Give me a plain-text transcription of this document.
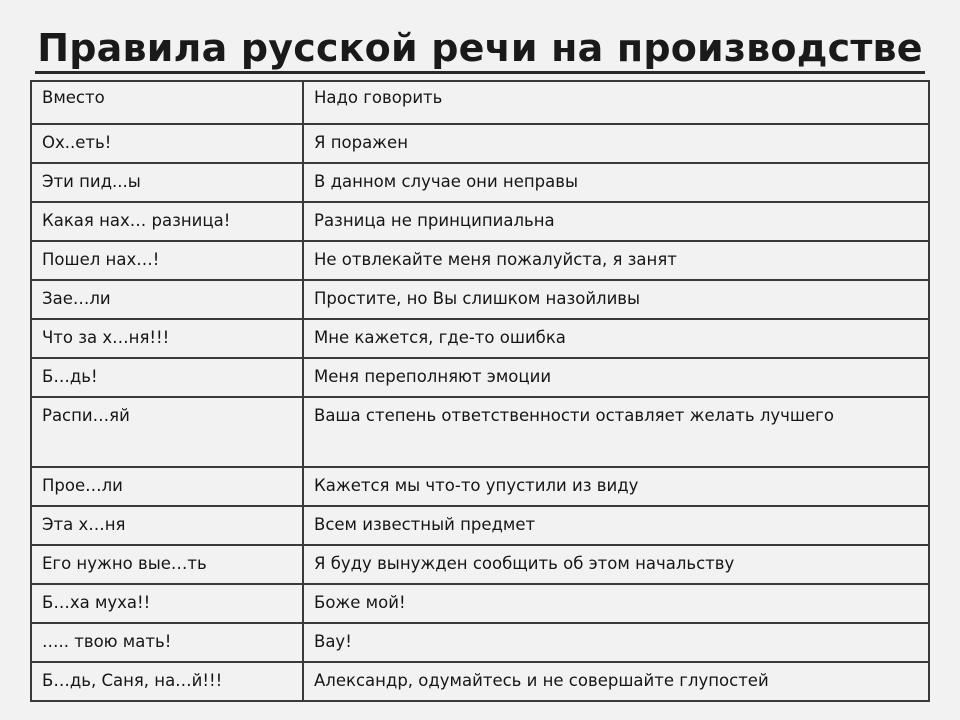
Правила русской речи на производстве
Вместо	Надо говорить
Ох..еть!	Я поражен
Эти пид...ы	В данном случае они неправы
Какая нах… разница!	Разница не принципиальна
Пошел нах…!	Не отвлекайте меня пожалуйста, я занят
Зае…ли	Простите, но Вы слишком назойливы
Что за х…ня!!!	Мне кажется, где-то ошибка
Б…дь!	Меня переполняют эмоции
Распи…яй	Ваша степень ответственности оставляет желать лучшего
Прое…ли	Кажется мы что-то упустили из виду
Эта х…ня	Всем известный предмет
Его нужно вые…ть	Я буду вынужден сообщить об этом начальству
Б…ха муха!!	Боже мой!
….. твою мать!	Вау!
Б…дь, Саня, на…й!!!	Александр, одумайтесь и не совершайте глупостей
